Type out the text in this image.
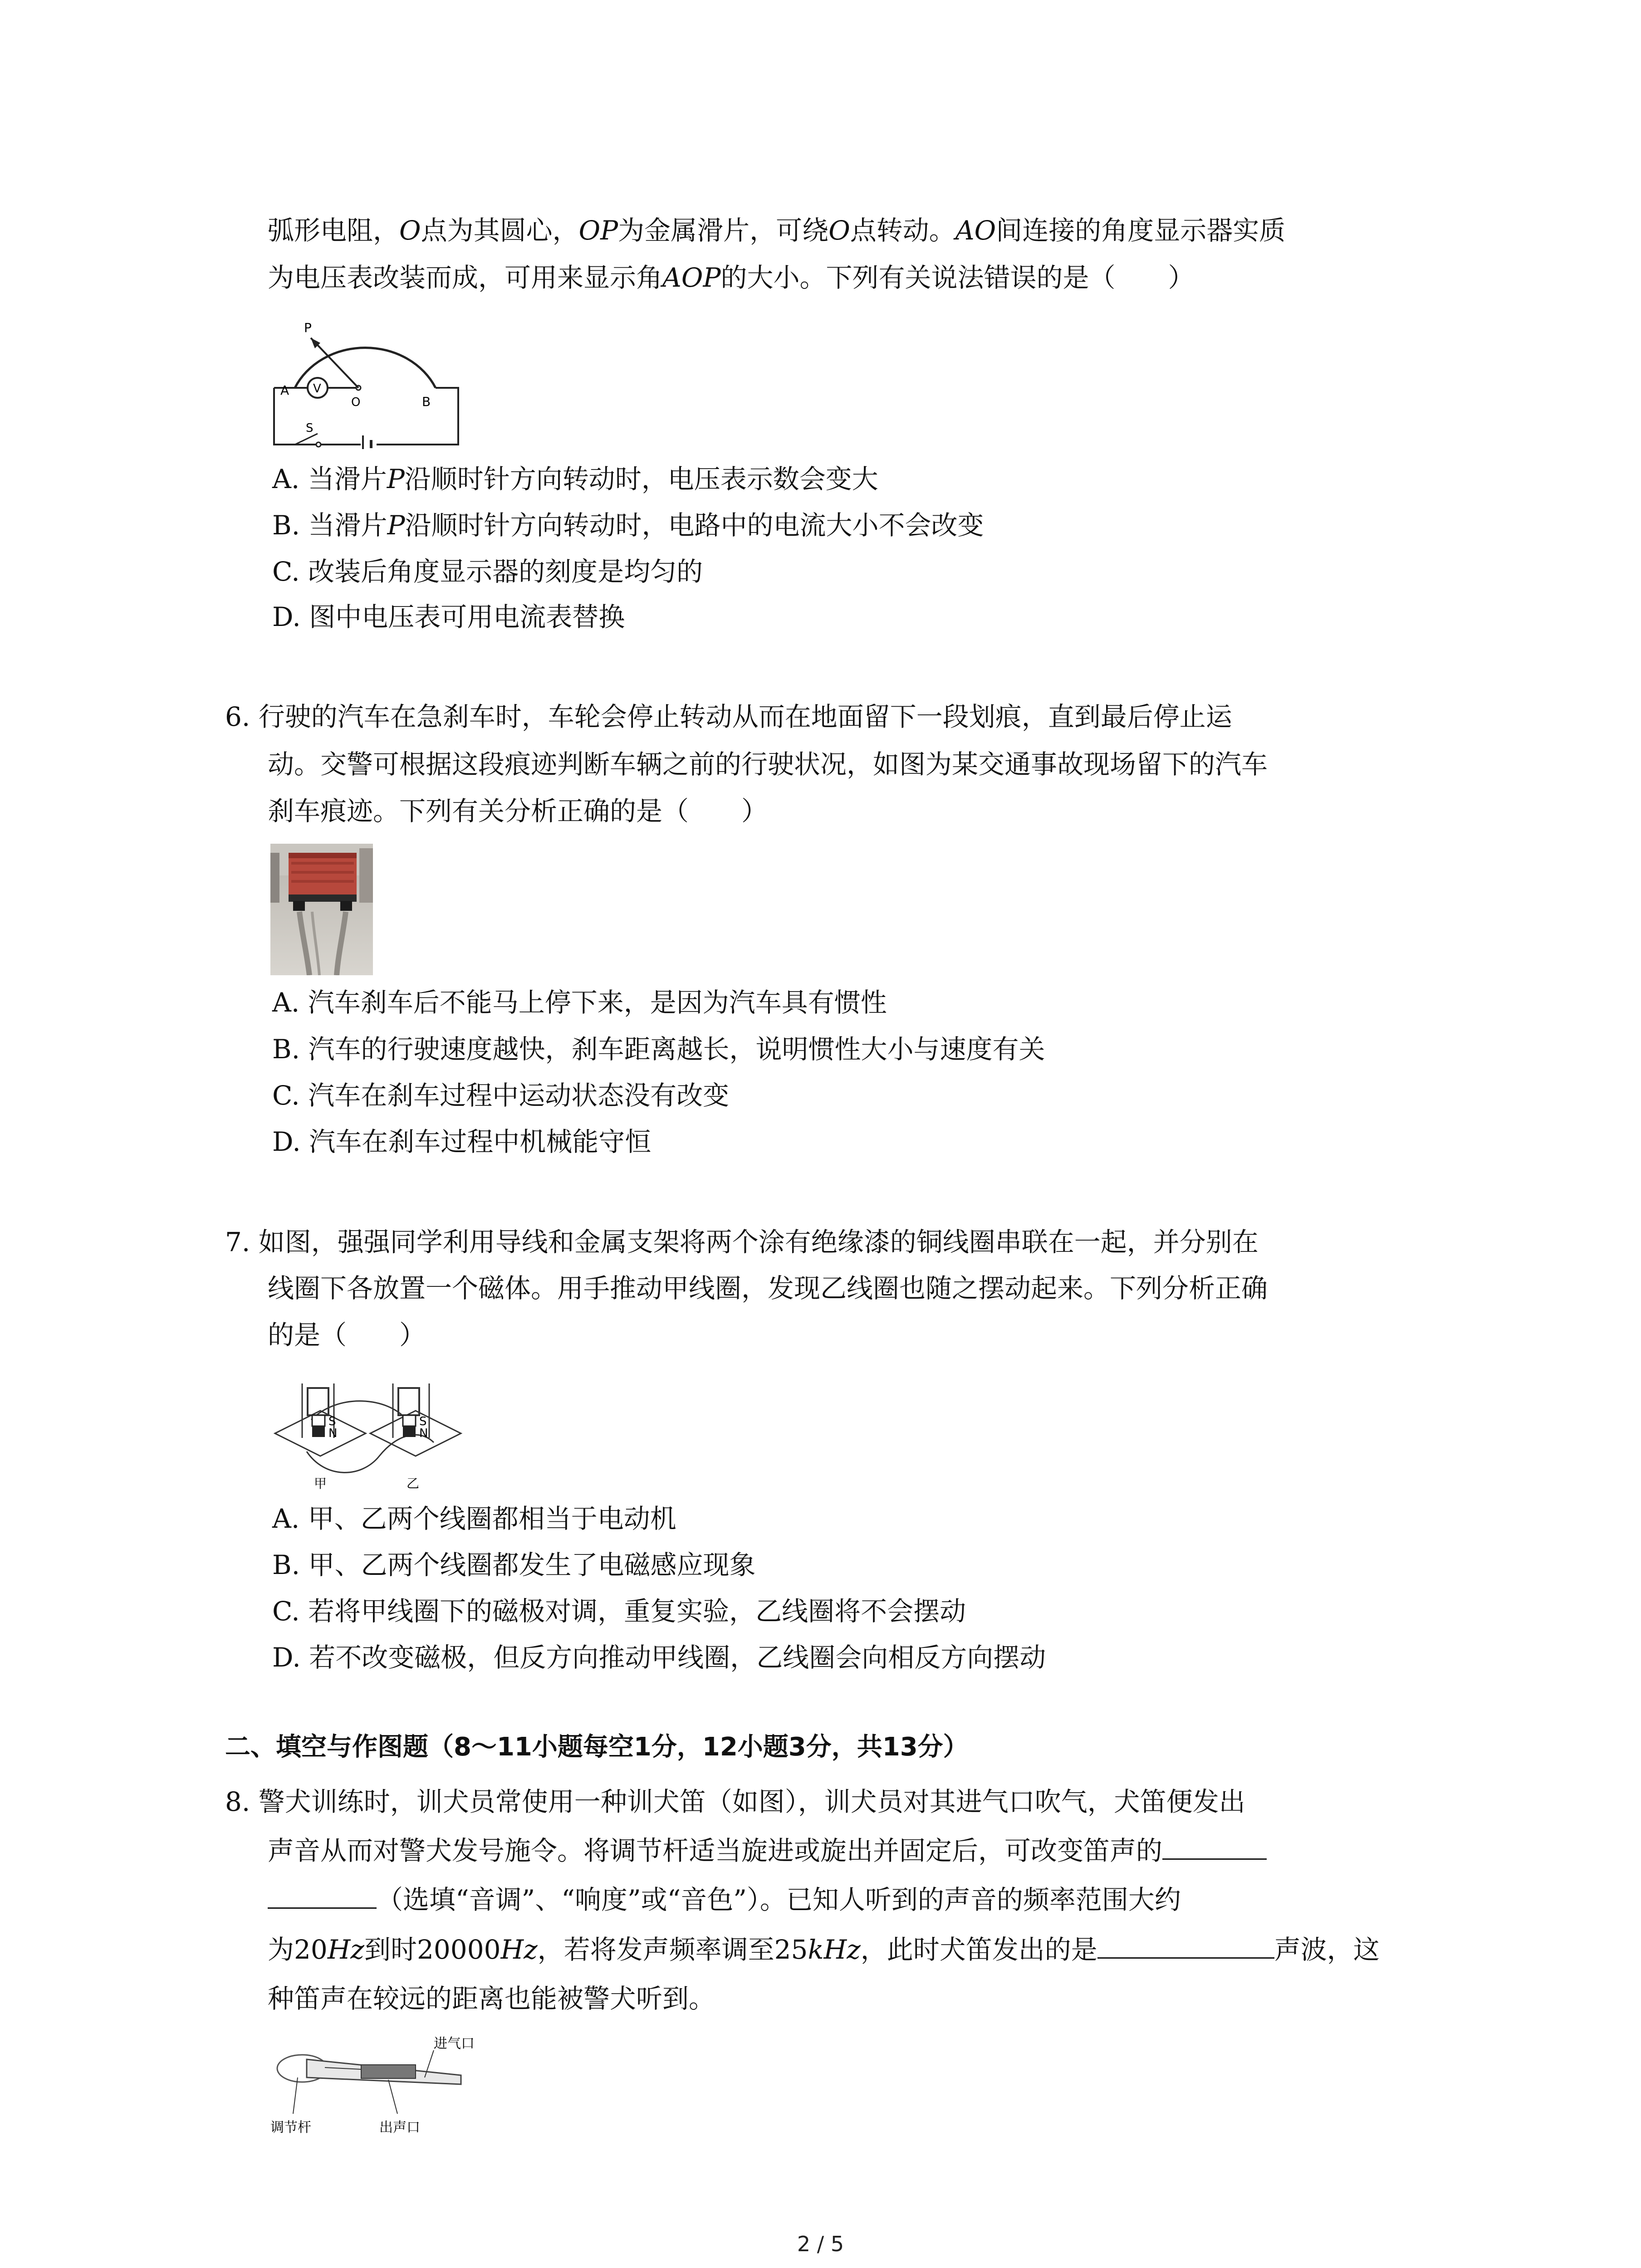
弧形电阻，O点为其圆心，OP为金属滑片，可绕O点转动。AO间连接的角度显示器实质
为电压表改装而成，可用来显示角AOP的大小。下列有关说法错误的是（　　）
P
A V
O	B
S
A. 当滑片P沿顺时针方向转动时，电压表示数会变大
B. 当滑片P沿顺时针方向转动时，电路中的电流大小不会改变
C. 改装后角度显示器的刻度是均匀的
D. 图中电压表可用电流表替换
6. 行驶的汽车在急刹车时，车轮会停止转动从而在地面留下一段划痕，直到最后停止运
动。交警可根据这段痕迹判断车辆之前的行驶状况，如图为某交通事故现场留下的汽车
刹车痕迹。下列有关分析正确的是（　　）
A. 汽车刹车后不能马上停下来，是因为汽车具有惯性
B. 汽车的行驶速度越快，刹车距离越长，说明惯性大小与速度有关
C. 汽车在刹车过程中运动状态没有改变
D. 汽车在刹车过程中机械能守恒
7. 如图，强强同学利用导线和金属支架将两个涂有绝缘漆的铜线圈串联在一起，并分别在
线圈下各放置一个磁体。用手推动甲线圈，发现乙线圈也随之摆动起来。下列分析正确
的是（　　）
S
N
S
N
甲	乙
A. 甲、乙两个线圈都相当于电动机
B. 甲、乙两个线圈都发生了电磁感应现象
C. 若将甲线圈下的磁极对调，重复实验，乙线圈将不会摆动
D. 若不改变磁极，但反方向推动甲线圈，乙线圈会向相反方向摆动
二、填空与作图题（8～11小题每空1分，12小题3分，共13分）
8. 警犬训练时，训犬员常使用一种训犬笛（如图），训犬员对其进气口吹气，犬笛便发出
声音从而对警犬发号施令。将调节杆适当旋进或旋出并固定后，可改变笛声的
（选填“音调”、“响度”或“音色”）。已知人听到的声音的频率范围大约
为20Hz到时20000Hz，若将发声频率调至25kHz，此时犬笛发出的是	声波，这
种笛声在较远的距离也能被警犬听到。
进气口
调节杆	出声口
2 / 5
